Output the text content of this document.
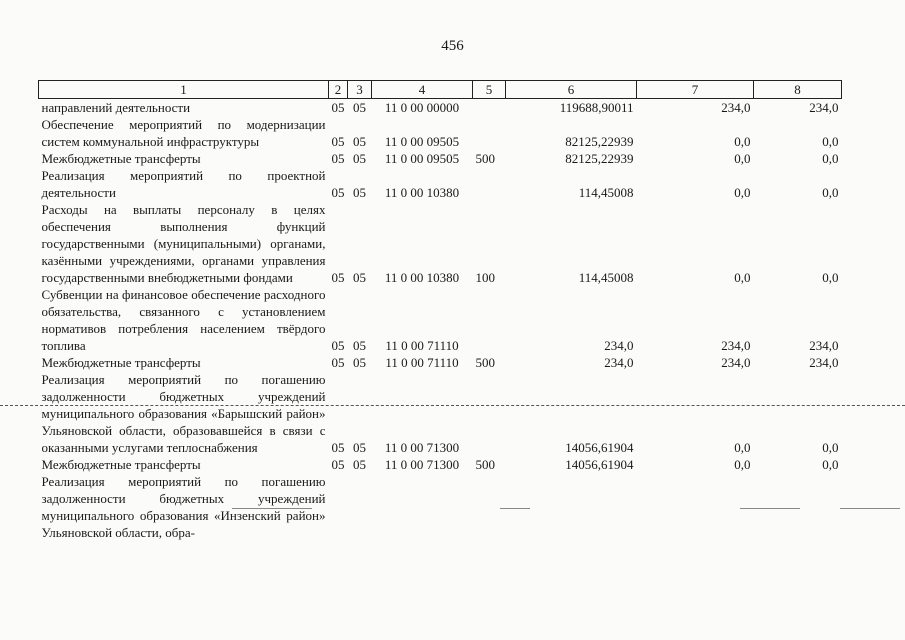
456
1	2	3	4	5	6	7	8
направлений деятельности	05	05	11 0 00 00000		119688,90011	234,0	234,0
Обеспечение мероприятий по модернизации систем коммунальной инфраструктуры	05	05	11 0 00 09505		82125,22939	0,0	0,0
Межбюджетные трансферты	05	05	11 0 00 09505	500	82125,22939	0,0	0,0
Реализация мероприятий по проектной деятельности	05	05	11 0 00 10380		114,45008	0,0	0,0
Расходы на выплаты персоналу в целях обеспечения выполнения функций государственными (муниципальными) органами, казёнными учреждениями, органами управления государственными внебюджетными фондами	05	05	11 0 00 10380	100	114,45008	0,0	0,0
Субвенции на финансовое обеспечение расходного обязательства, связанного с установлением нормативов потребления населением твёрдого топлива	05	05	11 0 00 71110		234,0	234,0	234,0
Межбюджетные трансферты	05	05	11 0 00 71110	500	234,0	234,0	234,0
Реализация мероприятий по погашению задолженности бюджетных учреждений муниципального образования «Барышский район» Ульяновской области, образовавшейся в связи с оказанными услугами теплоснабжения	05	05	11 0 00 71300		14056,61904	0,0	0,0
Межбюджетные трансферты	05	05	11 0 00 71300	500	14056,61904	0,0	0,0
Реализация мероприятий по погашению задолженности бюджетных учреждений муниципального образования «Инзенский район» Ульяновской области, обра-							
